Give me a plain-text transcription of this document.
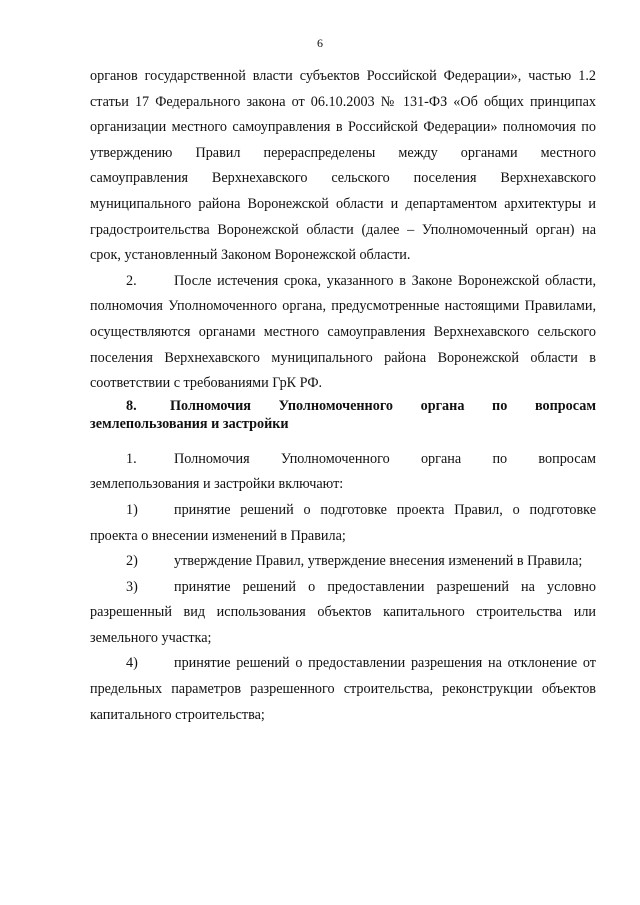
6

органов государственной власти субъектов Российской Федерации», частью 1.2 статьи 17 Федерального закона от 06.10.2003 № 131-ФЗ «Об общих принципах организации местного самоуправления в Российской Федерации» полномочия по утверждению Правил перераспределены между органами местного самоуправления Верхнехавского сельского поселения Верхнехавского муниципального района Воронежской области и департаментом архитектуры и градостроительства Воронежской области (далее – Уполномоченный орган) на срок, установленный Законом Воронежской области.

2.	После истечения срока, указанного в Законе Воронежской области, полномочия Уполномоченного органа, предусмотренные настоящими Правилами, осуществляются органами местного самоуправления Верхнехавского сельского поселения Верхнехавского муниципального района Воронежской области в соответствии с требованиями ГрК РФ.

8. Полномочия Уполномоченного органа по вопросам землепользования и застройки

1.	Полномочия Уполномоченного органа по вопросам землепользования и застройки включают:

1)	принятие решений о подготовке проекта Правил, о подготовке проекта о внесении изменений в Правила;

2)	утверждение Правил, утверждение внесения изменений в Правила;

3)	принятие решений о предоставлении разрешений на условно разрешенный вид использования объектов капитального строительства или земельного участка;

4)	принятие решений о предоставлении разрешения на отклонение от предельных параметров разрешенного строительства, реконструкции объектов капитального строительства;
